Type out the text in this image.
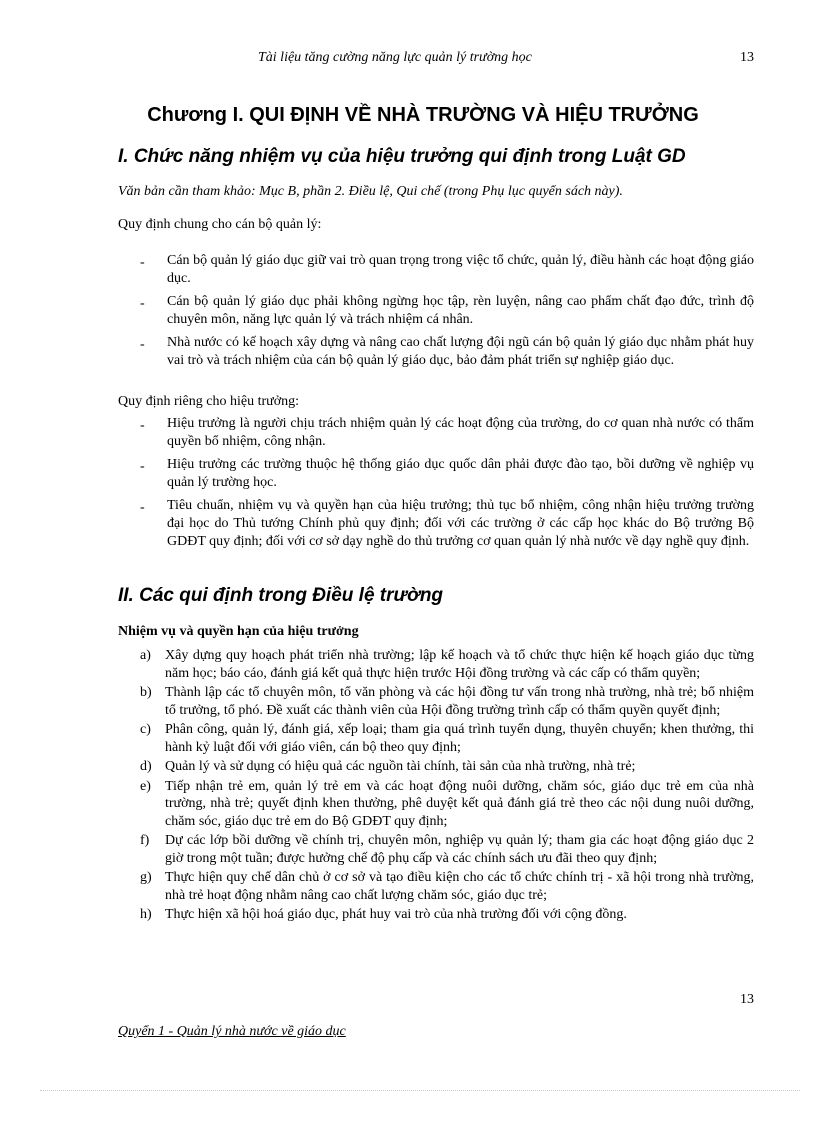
Tài liệu tăng cường năng lực quản lý trường học	13
Chương I. QUI ĐỊNH VỀ NHÀ TRƯỜNG VÀ HIỆU TRƯỞNG
I. Chức năng nhiệm vụ của hiệu trưởng qui định trong Luật GD
Văn bản cần tham khảo: Mục B, phần 2. Điều lệ, Qui chế (trong Phụ lục quyển sách này).
Quy định chung cho cán bộ quản lý:
- Cán bộ quản lý giáo dục giữ vai trò quan trọng trong việc tổ chức, quản lý, điều hành các hoạt động giáo dục.
- Cán bộ quản lý giáo dục phải không ngừng học tập, rèn luyện, nâng cao phẩm chất đạo đức, trình độ chuyên môn, năng lực quản lý và trách nhiệm cá nhân.
- Nhà nước có kế hoạch xây dựng và nâng cao chất lượng đội ngũ cán bộ quản lý giáo dục nhằm phát huy vai trò và trách nhiệm của cán bộ quản lý giáo dục, bảo đảm phát triển sự nghiệp giáo dục.
Quy định riêng cho hiệu trưởng:
- Hiệu trưởng là người chịu trách nhiệm quản lý các hoạt động của trường, do cơ quan nhà nước có thẩm quyền bổ nhiệm, công nhận.
- Hiệu trưởng các trường thuộc hệ thống giáo dục quốc dân phải được đào tạo, bồi dưỡng về nghiệp vụ quản lý trường học.
- Tiêu chuẩn, nhiệm vụ và quyền hạn của hiệu trưởng; thủ tục bổ nhiệm, công nhận hiệu trưởng trường đại học do Thủ tướng Chính phủ quy định; đối với các trường ở các cấp học khác do Bộ trưởng Bộ GDĐT quy định; đối với cơ sở dạy nghề do thủ trưởng cơ quan quản lý nhà nước về dạy nghề quy định.
II. Các qui định trong Điều lệ trường
Nhiệm vụ và quyền hạn của hiệu trưởng
a) Xây dựng quy hoạch phát triển nhà trường; lập kế hoạch và tổ chức thực hiện kế hoạch giáo dục từng năm học; báo cáo, đánh giá kết quả thực hiện trước Hội đồng trường và các cấp có thẩm quyền;
b) Thành lập các tổ chuyên môn, tổ văn phòng và các hội đồng tư vấn trong nhà trường, nhà trẻ; bổ nhiệm tổ trưởng, tổ phó. Đề xuất các thành viên của Hội đồng trường trình cấp có thẩm quyền quyết định;
c) Phân công, quản lý, đánh giá, xếp loại; tham gia quá trình tuyển dụng, thuyên chuyển; khen thưởng, thi hành kỷ luật đối với giáo viên, cán bộ theo quy định;
d) Quản lý và sử dụng có hiệu quả các nguồn tài chính, tài sản của nhà trường, nhà trẻ;
e) Tiếp nhận trẻ em, quản lý trẻ em và các hoạt động nuôi dưỡng, chăm sóc, giáo dục trẻ em của nhà trường, nhà trẻ; quyết định khen thưởng, phê duyệt kết quả đánh giá trẻ theo các nội dung nuôi dưỡng, chăm sóc, giáo dục trẻ em do Bộ GDĐT quy định;
f) Dự các lớp bồi dưỡng về chính trị, chuyên môn, nghiệp vụ quản lý; tham gia các hoạt động giáo dục 2 giờ trong một tuần; được hưởng chế độ phụ cấp và các chính sách ưu đãi theo quy định;
g) Thực hiện quy chế dân chủ ở cơ sở và tạo điều kiện cho các tổ chức chính trị - xã hội trong nhà trường, nhà trẻ hoạt động nhằm nâng cao chất lượng chăm sóc, giáo dục trẻ;
h) Thực hiện xã hội hoá giáo dục, phát huy vai trò của nhà trường đối với cộng đồng.
13
Quyển 1 - Quản lý nhà nước về giáo dục
